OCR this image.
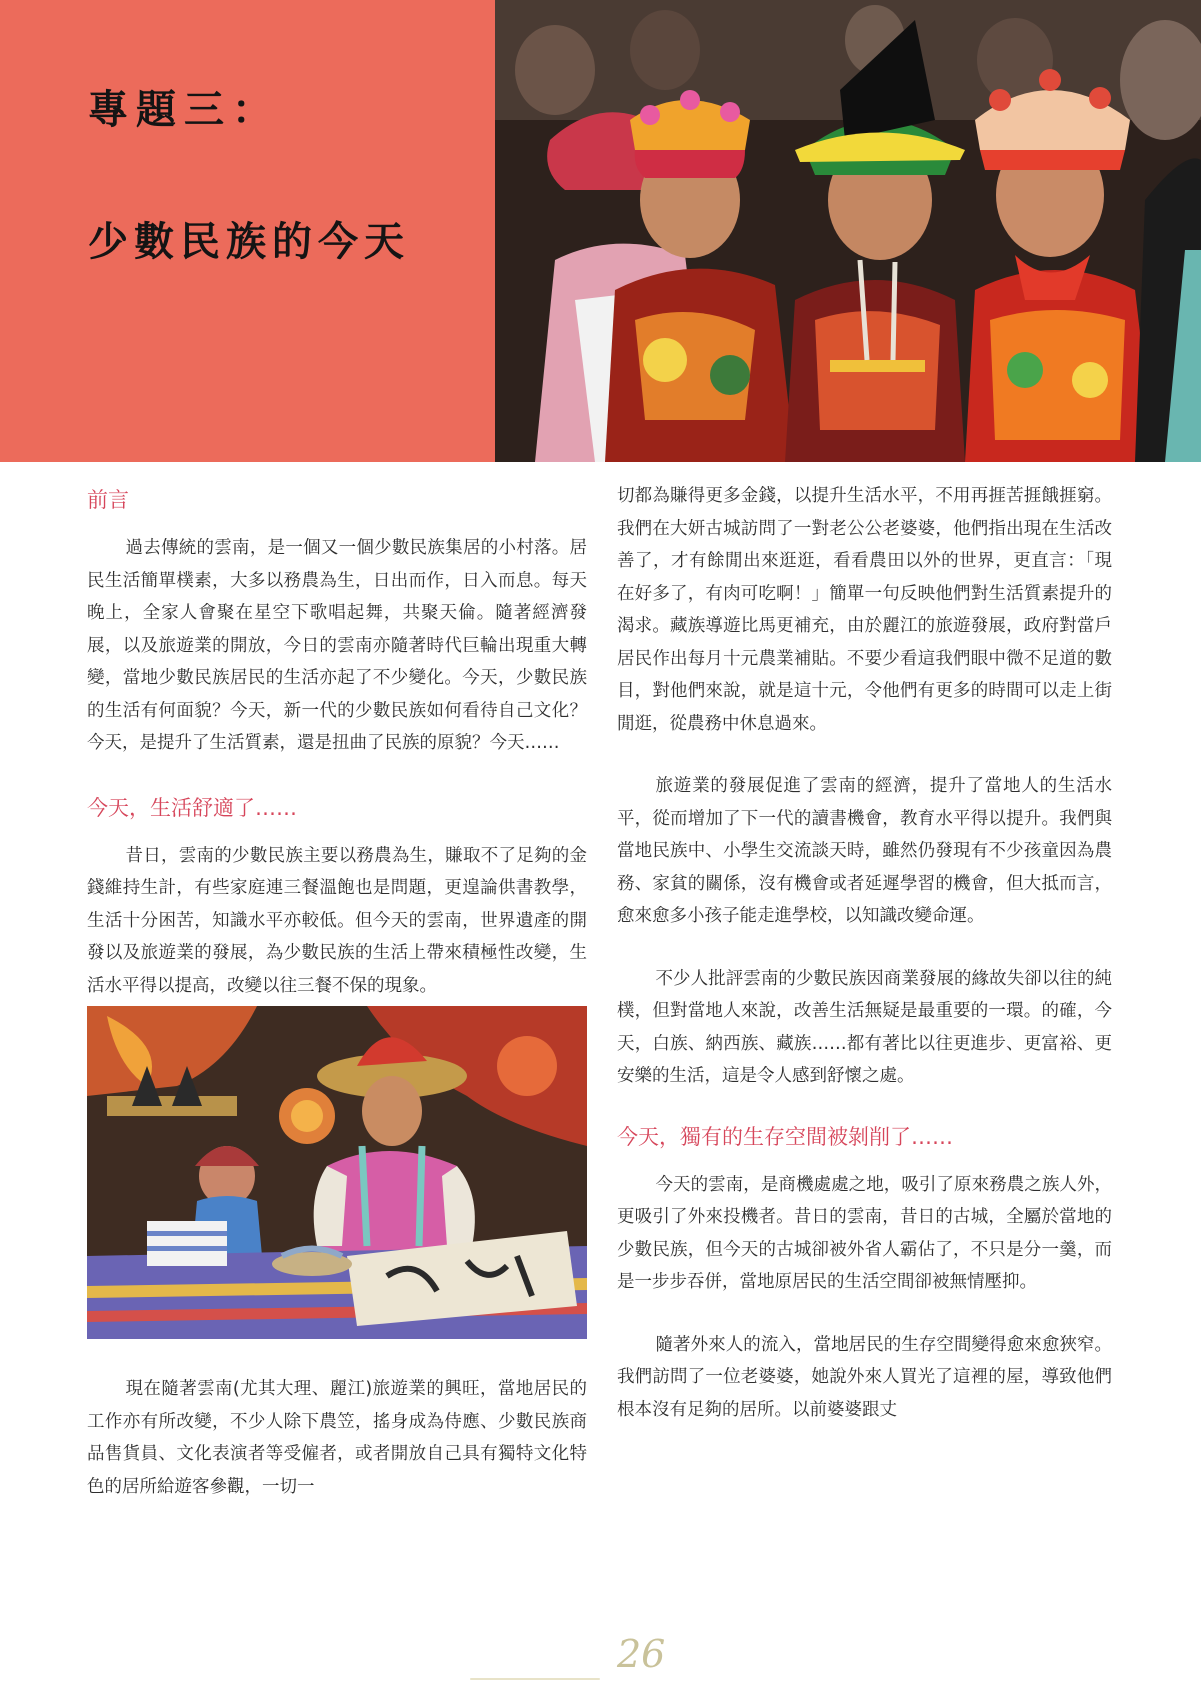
專題三：
少數民族的今天
前言

過去傳統的雲南，是一個又一個少數民族集居的小村落。居民生活簡單樸素，大多以務農為生，日出而作，日入而息。每天晚上，全家人會聚在星空下歌唱起舞，共聚天倫。隨著經濟發展，以及旅遊業的開放，今日的雲南亦隨著時代巨輪出現重大轉變，當地少數民族居民的生活亦起了不少變化。今天，少數民族的生活有何面貌？今天，新一代的少數民族如何看待自己文化？今天，是提升了生活質素，還是扭曲了民族的原貌？今天……

今天，生活舒適了……

昔日，雲南的少數民族主要以務農為生，賺取不了足夠的金錢維持生計，有些家庭連三餐溫飽也是問題，更遑論供書教學，生活十分困苦，知識水平亦較低。但今天的雲南，世界遺產的開發以及旅遊業的發展，為少數民族的生活上帶來積極性改變，生活水平得以提高，改變以往三餐不保的現象。

現在隨著雲南(尤其大理、麗江)旅遊業的興旺，當地居民的工作亦有所改變，不少人除下農笠，搖身成為侍應、少數民族商品售貨員、文化表演者等受僱者，或者開放自己具有獨特文化特色的居所給遊客參觀，一切一

切都為賺得更多金錢，以提升生活水平，不用再捱苦捱餓捱窮。我們在大妍古城訪問了一對老公公老婆婆，他們指出現在生活改善了，才有餘閒出來逛逛，看看農田以外的世界，更直言：「現在好多了，有肉可吃啊！」簡單一句反映他們對生活質素提升的渴求。藏族導遊比馬更補充，由於麗江的旅遊發展，政府對當戶居民作出每月十元農業補貼。不要少看這我們眼中微不足道的數目，對他們來說，就是這十元，令他們有更多的時間可以走上街閒逛，從農務中休息過來。

旅遊業的發展促進了雲南的經濟，提升了當地人的生活水平，從而增加了下一代的讀書機會，教育水平得以提升。我們與當地民族中、小學生交流談天時，雖然仍發現有不少孩童因為農務、家貧的關係，沒有機會或者延遲學習的機會，但大抵而言，愈來愈多小孩子能走進學校，以知識改變命運。

不少人批評雲南的少數民族因商業發展的緣故失卻以往的純樸，但對當地人來說，改善生活無疑是最重要的一環。的確，今天，白族、納西族、藏族……都有著比以往更進步、更富裕、更安樂的生活，這是令人感到舒懷之處。

今天，獨有的生存空間被剝削了……

今天的雲南，是商機處處之地，吸引了原來務農之族人外，更吸引了外來投機者。昔日的雲南，昔日的古城，全屬於當地的少數民族，但今天的古城卻被外省人霸佔了，不只是分一羹，而是一步步吞併，當地原居民的生活空間卻被無情壓抑。

隨著外來人的流入，當地居民的生存空間變得愈來愈狹窄。我們訪問了一位老婆婆，她說外來人買光了這裡的屋，導致他們根本沒有足夠的居所。以前婆婆跟丈

26
